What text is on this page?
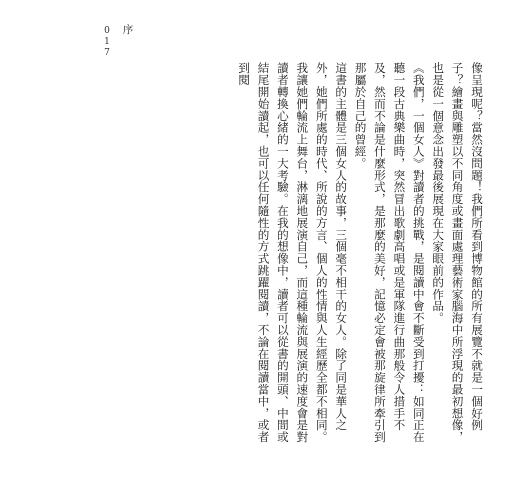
017 序

像呈現呢？當然沒問題！我們所看到博物館的所有展覽不就是一個好例子？繪畫與雕塑以不同角度或畫面處理藝術家腦海中所浮現的最初想像，也是從一個意念出發最後展現在大家眼前的作品。

《我們，一個女人》對讀者的挑戰，是閱讀中會不斷受到打擾：如同正在聽一段古典樂曲時，突然冒出歌劇高唱或是軍隊進行曲那般令人措手不及，然而不論是什麼形式，是那麼的美好，記憶必定會被那旋律所牽引到那屬於自己的曾經。

這書的主體是三個女人的故事，三個毫不相干的女人。除了同是華人之外，她們所處的時代、所說的方言、個人的性情與人生經歷全都不相同。我讓她們輪流上舞台，淋漓地展演自己，而這種輪流與展演的速度會是對讀者轉換心緒的一大考驗。在我的想像中，讀者可以從書的開頭、中間或結尾開始讀起，也可以任何隨性的方式跳躍閱讀，不論在閱讀當中，或者到閱
